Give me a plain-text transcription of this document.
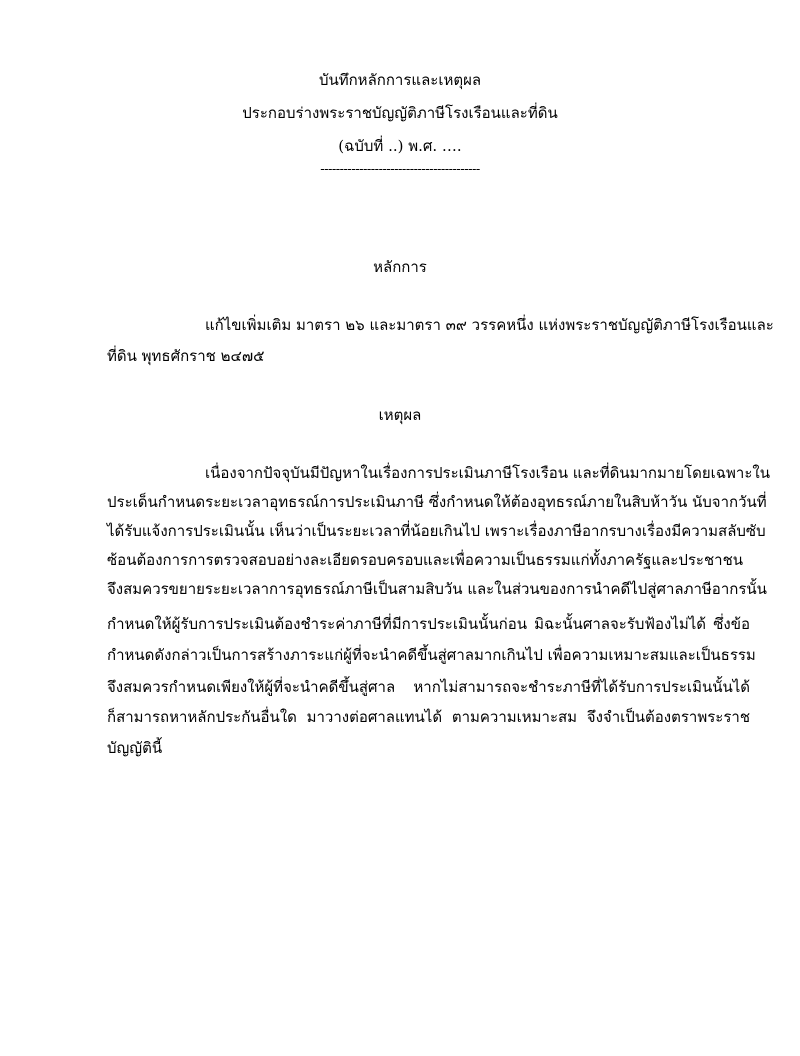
บันทึกหลักการและเหตุผล
ประกอบร่างพระราชบัญญัติภาษีโรงเรือนและที่ดิน
(ฉบับที่ ..) พ.ศ. ….
-----------------------------------------
หลักการ
แก้ไขเพิ่มเติม มาตรา ๒๖ และมาตรา ๓๙ วรรคหนึ่ง แห่งพระราชบัญญัติภาษีโรงเรือนและ
ที่ดิน พุทธศักราช ๒๔๗๕
เหตุผล
เนื่องจากปัจจุบันมีปัญหาในเรื่องการประเมินภาษีโรงเรือน และที่ดินมากมายโดยเฉพาะใน
ประเด็นกำหนดระยะเวลาอุทธรณ์การประเมินภาษี ซึ่งกำหนดให้ต้องอุทธรณ์ภายในสิบห้าวัน นับจากวันที่
ได้รับแจ้งการประเมินนั้น เห็นว่าเป็นระยะเวลาที่น้อยเกินไป เพราะเรื่องภาษีอากรบางเรื่องมีความสลับซับ
ซ้อนต้องการการตรวจสอบอย่างละเอียดรอบครอบและเพื่อความเป็นธรรมแก่ทั้งภาครัฐและประชาชน
จึงสมควรขยายระยะเวลาการอุทธรณ์ภาษีเป็นสามสิบวัน และในส่วนของการนำคดีไปสู่ศาลภาษีอากรนั้น
กำหนดให้ผู้รับการประเมินต้องชำระค่าภาษีที่มีการประเมินนั้นก่อน มิฉะนั้นศาลจะรับฟ้องไม่ได้ ซึ่งข้อ
กำหนดดังกล่าวเป็นการสร้างภาระแก่ผู้ที่จะนำคดีขึ้นสู่ศาลมากเกินไป เพื่อความเหมาะสมและเป็นธรรม
จึงสมควรกำหนดเพียงให้ผู้ที่จะนำคดีขึ้นสู่ศาล หากไม่สามารถจะชำระภาษีที่ได้รับการประเมินนั้นได้
ก็สามารถหาหลักประกันอื่นใด มาวางต่อศาลแทนได้ ตามความเหมาะสม จึงจำเป็นต้องตราพระราช
บัญญัตินี้
